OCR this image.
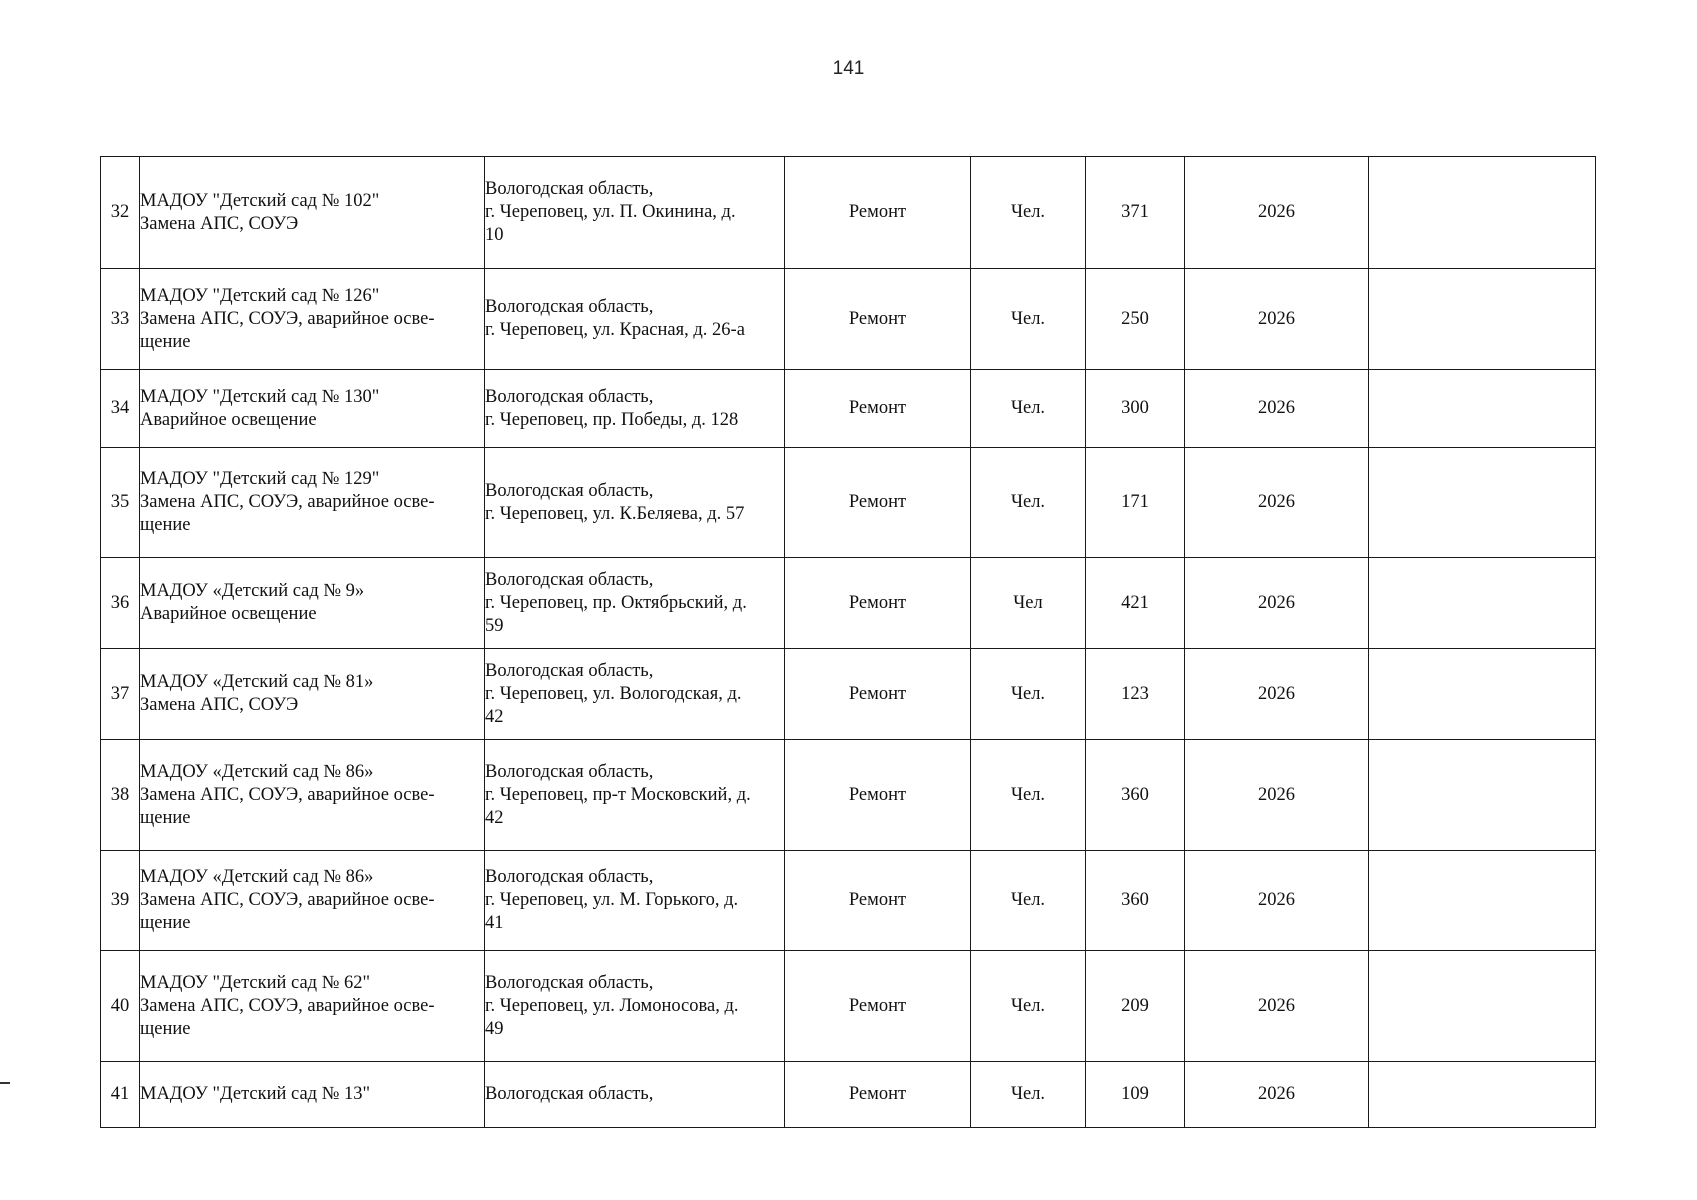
141
32	МАДОУ "Детский сад № 102"
Замена АПС, СОУЭ	Вологодская область,
г. Череповец, ул. П. Окинина, д.
10	Ремонт	Чел.	371	2026	
33	МАДОУ "Детский сад № 126"
Замена АПС, СОУЭ, аварийное осве-
щение	Вологодская область,
г. Череповец, ул. Красная, д. 26-а	Ремонт	Чел.	250	2026	
34	МАДОУ "Детский сад № 130"
Аварийное освещение	Вологодская область,
г. Череповец, пр. Победы, д. 128	Ремонт	Чел.	300	2026	
35	МАДОУ "Детский сад № 129"
Замена АПС, СОУЭ, аварийное осве-
щение	Вологодская область,
г. Череповец, ул. К.Беляева, д. 57	Ремонт	Чел.	171	2026	
36	МАДОУ «Детский сад № 9»
Аварийное освещение	Вологодская область,
г. Череповец, пр. Октябрьский, д.
59	Ремонт	Чел	421	2026	
37	МАДОУ «Детский сад № 81»
Замена АПС, СОУЭ	Вологодская область,
г. Череповец, ул. Вологодская, д.
42	Ремонт	Чел.	123	2026	
38	МАДОУ «Детский сад № 86»
Замена АПС, СОУЭ, аварийное осве-
щение	Вологодская область,
г. Череповец, пр-т Московский, д.
42	Ремонт	Чел.	360	2026	
39	МАДОУ «Детский сад № 86»
Замена АПС, СОУЭ, аварийное осве-
щение	Вологодская область,
г. Череповец, ул. М. Горького, д.
41	Ремонт	Чел.	360	2026	
40	МАДОУ "Детский сад № 62"
Замена АПС, СОУЭ, аварийное осве-
щение	Вологодская область,
г. Череповец, ул. Ломоносова, д.
49	Ремонт	Чел.	209	2026	
41	МАДОУ "Детский сад № 13"	Вологодская область,	Ремонт	Чел.	109	2026	
